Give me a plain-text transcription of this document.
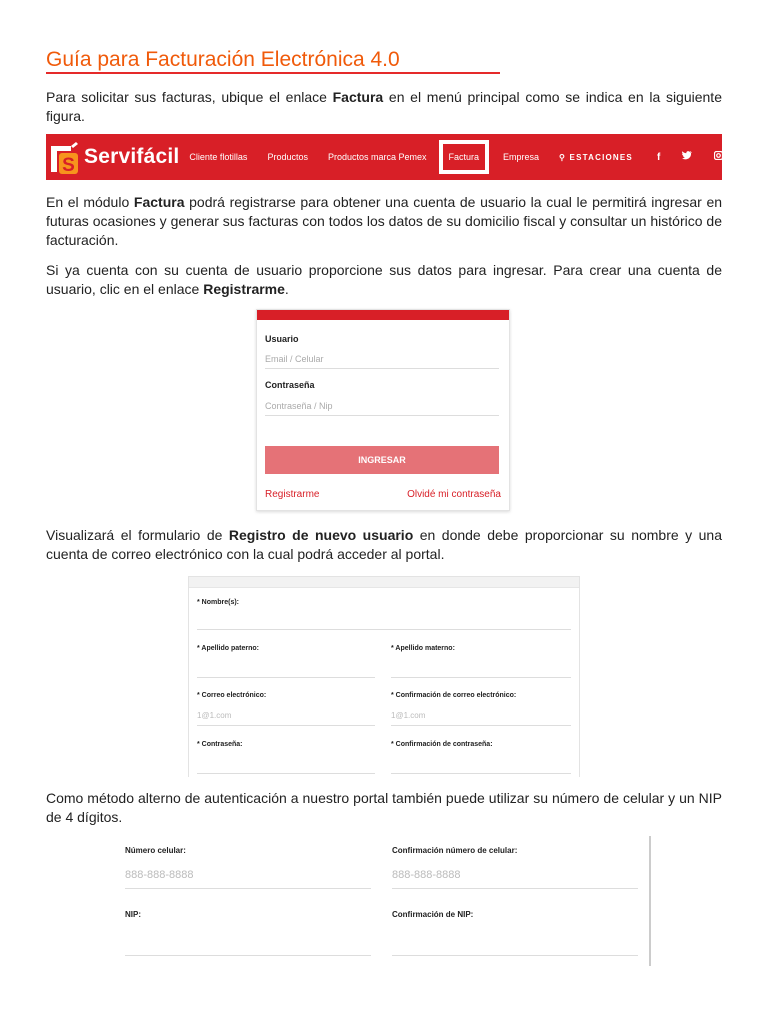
Guía para Facturación Electrónica 4.0

Para solicitar sus facturas, ubique el enlace Factura en el menú principal como se indica en la siguiente figura.

S Servifácil Cliente flotillas Productos Productos marca Pemex	Factura	Empresa	⚲ ESTACIONES f

En el módulo Factura podrá registrarse para obtener una cuenta de usuario la cual le permitirá ingresar en futuras ocasiones y generar sus facturas con todos los datos de su domicilio fiscal y consultar un histórico de facturación.

Si ya cuenta con su cuenta de usuario proporcione sus datos para ingresar. Para crear una cuenta de usuario, clic en el enlace Registrarme.

Usuario
Email / Celular
Contraseña
Contraseña / Nip
INGRESAR
Registrarme	Olvidé mi contraseña

Visualizará el formulario de Registro de nuevo usuario en donde debe proporcionar su nombre y una cuenta de correo electrónico con la cual podrá acceder al portal.

* Nombre(s):
* Apellido paterno:	* Apellido materno:
* Correo electrónico:
1@1.com
* Confirmación de correo electrónico:
1@1.com
* Contraseña:	* Confirmación de contraseña:

Como método alterno de autenticación a nuestro portal también puede utilizar su número de celular y un NIP de 4 dígitos.

Número celular:
888-888-8888
Confirmación número de celular:
888-888-8888
NIP:	Confirmación de NIP:
